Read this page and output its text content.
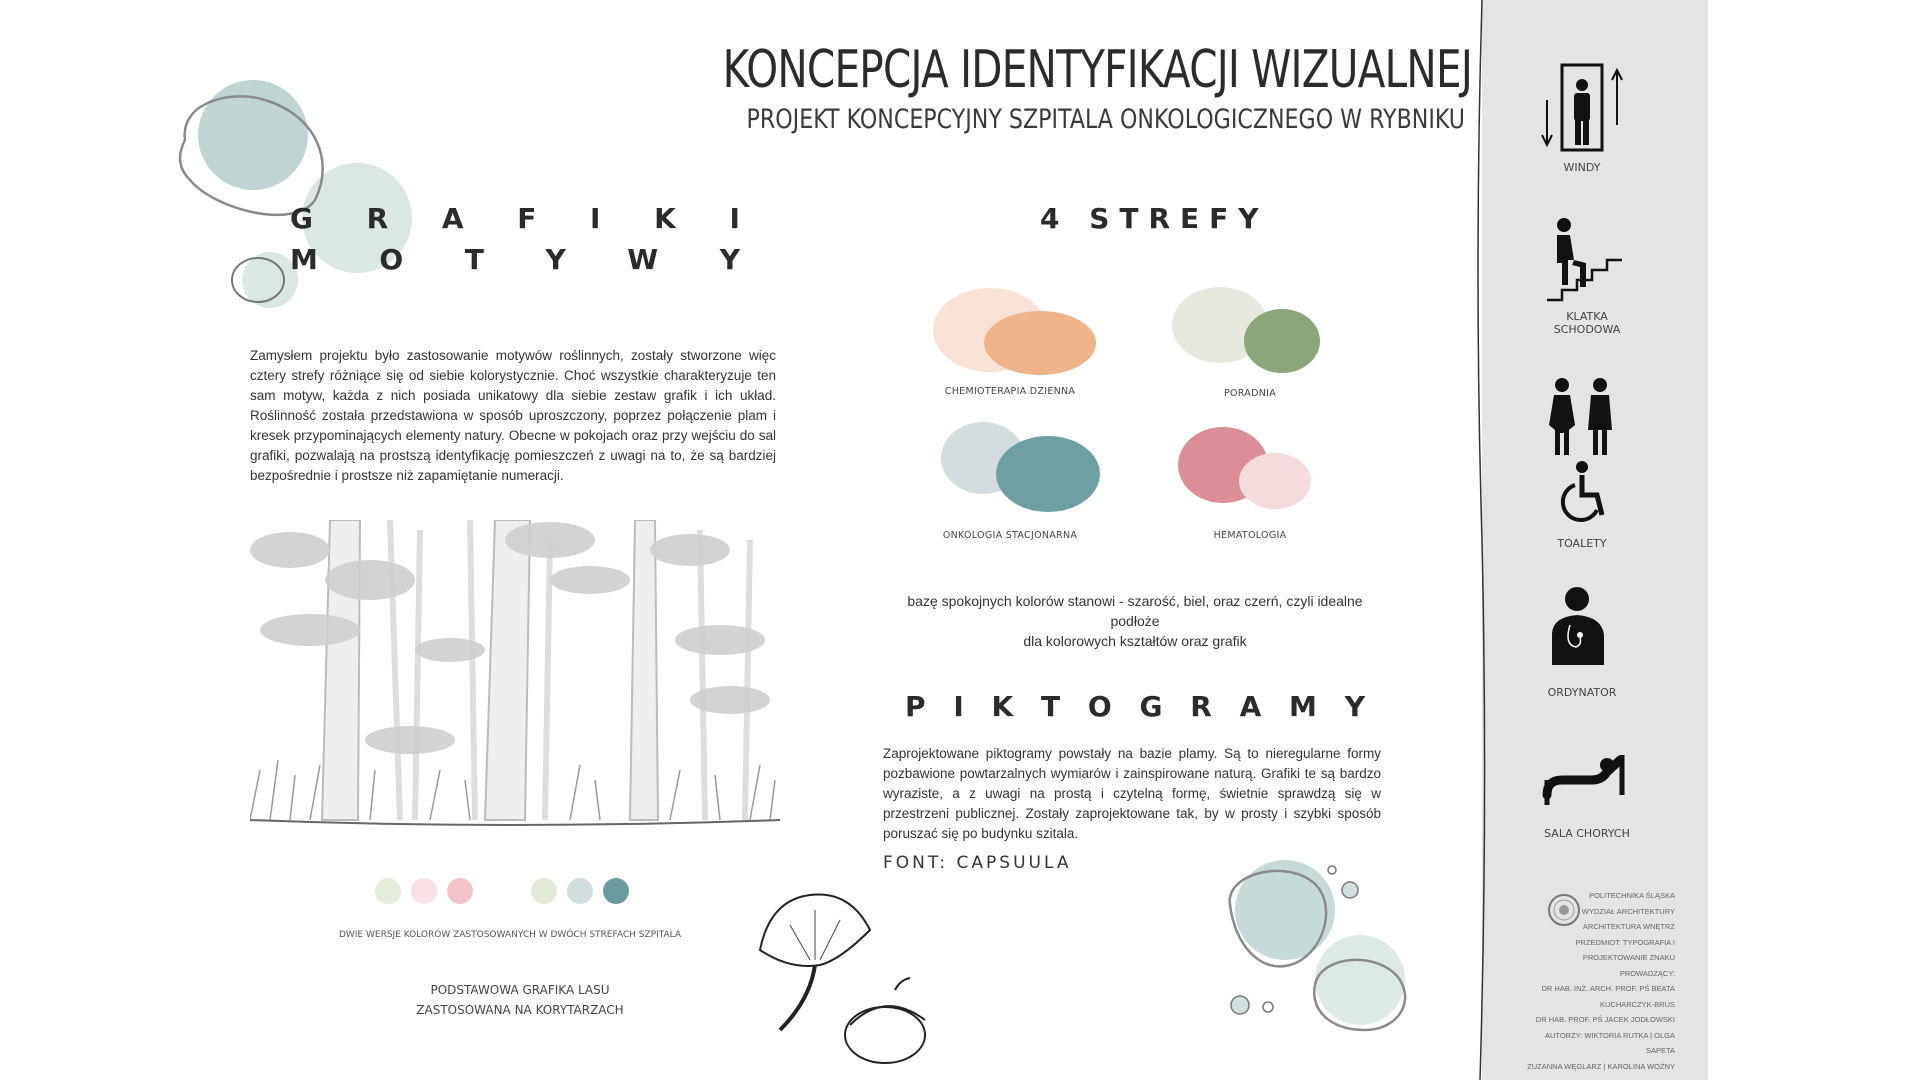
KONCEPCJA IDENTYFIKACJI WIZUALNEJ
PROJEKT KONCEPCYJNY SZPITALA ONKOLOGICZNEGO W RYBNIKU
G R A F I K I
M O T Y W Y
Zamysłem projektu było zastosowanie motywów roślinnych, zostały stworzone więc cztery strefy różniące się od siebie kolorystycznie. Choć wszystkie charakteryzuje ten sam motyw, każda z nich posiada unikatowy dla siebie zestaw grafik i ich układ. Roślinność została przedstawiona w sposób uproszczony, poprzez połączenie plam i kresek przypominających elementy natury. Obecne w pokojach oraz przy wejściu do sal grafiki, pozwalają na prostszą identyfikację pomieszczeń z uwagi na to, że są bardziej bezpośrednie i prostsze niż zapamiętanie numeracji.
DWIE WERSJE KOLORÓW ZASTOSOWANYCH W DWÓCH STREFACH SZPITALA
PODSTAWOWA GRAFIKA LASU
ZASTOSOWANA NA KORYTARZACH
4 STREFY
CHEMIOTERAPIA DZIENNA	PORADNIA
ONKOLOGIA STACJONARNA	HEMATOLOGIA
bazę spokojnych kolorów stanowi - szarość, biel, oraz czerń, czyli idealne podłoże
dla kolorowych kształtów oraz grafik
P I K T O G R A M Y
Zaprojektowane piktogramy powstały na bazie plamy. Są to nieregularne formy pozbawione powtarzalnych wymiarów i zainspirowane naturą. Grafiki te są bardzo wyraziste, a z uwagi na prostą i czytelną formę, świetnie sprawdzą się w przestrzeni publicznej. Zostały zaprojektowane tak, by w prosty i szybki sposób poruszać się po budynku szitala.
FONT: CAPSUULA
WINDY
KLATKA
SCHODOWA
TOALETY
ORDYNATOR
SALA CHORYCH
POLITECHNIKA ŚLĄSKA
WYDZIAŁ ARCHITEKTURY
ARCHITEKTURA WNĘTRZ
PRZEDMIOT: TYPOGRAFIA I PROJEKTOWANIE ZNAKU
PROWADZĄCY:
DR HAB. INŻ. ARCH. PROF. PŚ BEATA KUCHARCZYK-BRUS
DR HAB. PROF. PŚ JACEK JODŁOWSKI
AUTORZY: WIKTORIA RUTKA | OLGA SAPETA
ZUZANNA WĘGLARZ | KAROLINA WOŹNY
